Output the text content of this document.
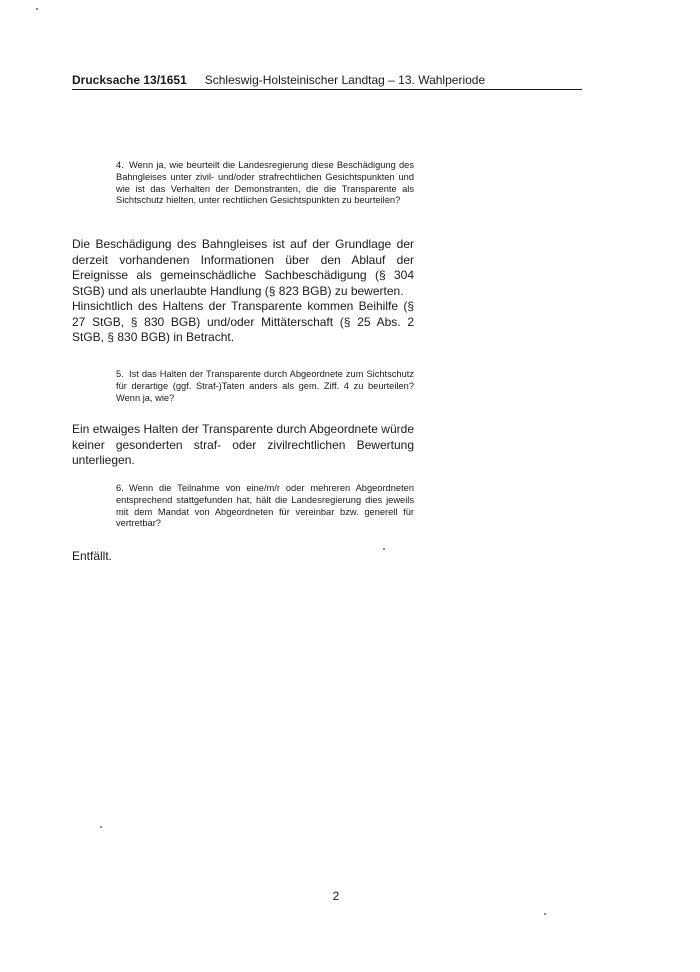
Drucksache 13/1651 Schleswig-Holsteinischer Landtag – 13. Wahlperiode
4. Wenn ja, wie beurteilt die Landesregierung diese Beschädigung des Bahngleises unter zivil- und/oder strafrechtlichen Gesichtspunkten und wie ist das Verhalten der Demonstranten, die die Transparente als Sichtschutz hielten, unter rechtlichen Gesichtspunkten zu beurteilen?

Die Beschädigung des Bahngleises ist auf der Grundlage der derzeit vorhandenen Informationen über den Ablauf der Ereignisse als gemeinschädliche Sachbeschädigung (§ 304 StGB) und als unerlaubte Handlung (§ 823 BGB) zu bewerten.

Hinsichtlich des Haltens der Transparente kommen Beihilfe (§ 27 StGB, § 830 BGB) und/oder Mittäterschaft (§ 25 Abs. 2 StGB, § 830 BGB) in Betracht.

5. Ist das Halten der Transparente durch Abgeordnete zum Sichtschutz für derartige (ggf. Straf-)Taten anders als gem. Ziff. 4 zu beurteilen? Wenn ja, wie?

Ein etwaiges Halten der Transparente durch Abgeordnete würde keiner gesonderten straf- oder zivilrechtlichen Bewertung unterliegen.

6. Wenn die Teilnahme von eine/m/r oder mehreren Abgeordneten entsprechend stattgefunden hat, hält die Landesregierung dies jeweils mit dem Mandat von Abgeordneten für vereinbar bzw. generell für vertretbar?

Entfällt.

2
